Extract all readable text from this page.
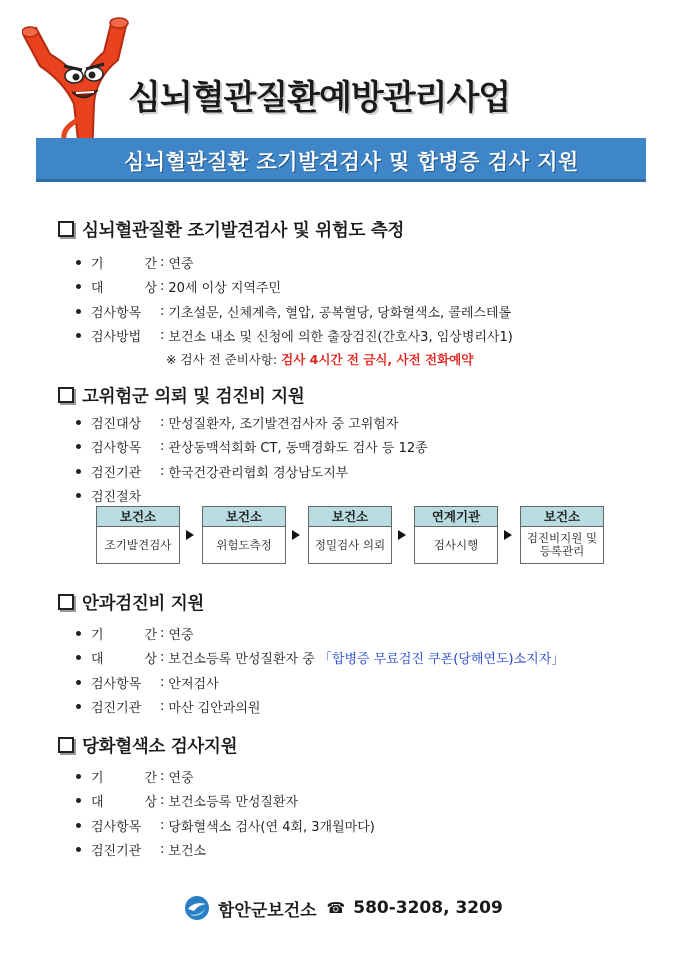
심뇌혈관질환예방관리사업
심뇌혈관질환 조기발견검사 및 합병증 검사 지원
심뇌혈관질환 조기발견검사 및 위험도 측정
기 간 : 연중
대 상 : 20세 이상 지역주민
검사항목	: 기초설문, 신체계측, 혈압, 공복혈당, 당화혈색소, 콜레스테롤
검사방법	: 보건소 내소 및 신청에 의한 출장검진(간호사3, 임상병리사1)
※ 검사 전 준비사항:
검사 4시간 전 금식, 사전 전화예약
고위험군 의뢰 및 검진비 지원
검진대상	: 만성질환자, 조기발견검사자 중 고위험자
검사항목	: 관상동맥석회화 CT, 동맥경화도 검사 등 12종
검진기관	: 한국건강관리협회 경상남도지부
검진절차
보건소
조기발견검사
보건소
위험도측정
보건소
정밀검사 의뢰
연계기관
검사시행
보건소
검진비지원 및 등록관리
안과검진비 지원
기 간 : 연중
대 상 : 보건소등록 만성질환자 중
「합병증 무료검진 쿠폰(당해연도)소지자」
검사항목	: 안저검사
검진기관	: 마산 김안과의원
당화혈색소 검사지원
기 간 : 연중
대 상 : 보건소등록 만성질환자
검사항목	: 당화혈색소 검사(연 4회, 3개월마다)
검진기관	: 보건소
함안군보건소 ☎ 580-3208, 3209
